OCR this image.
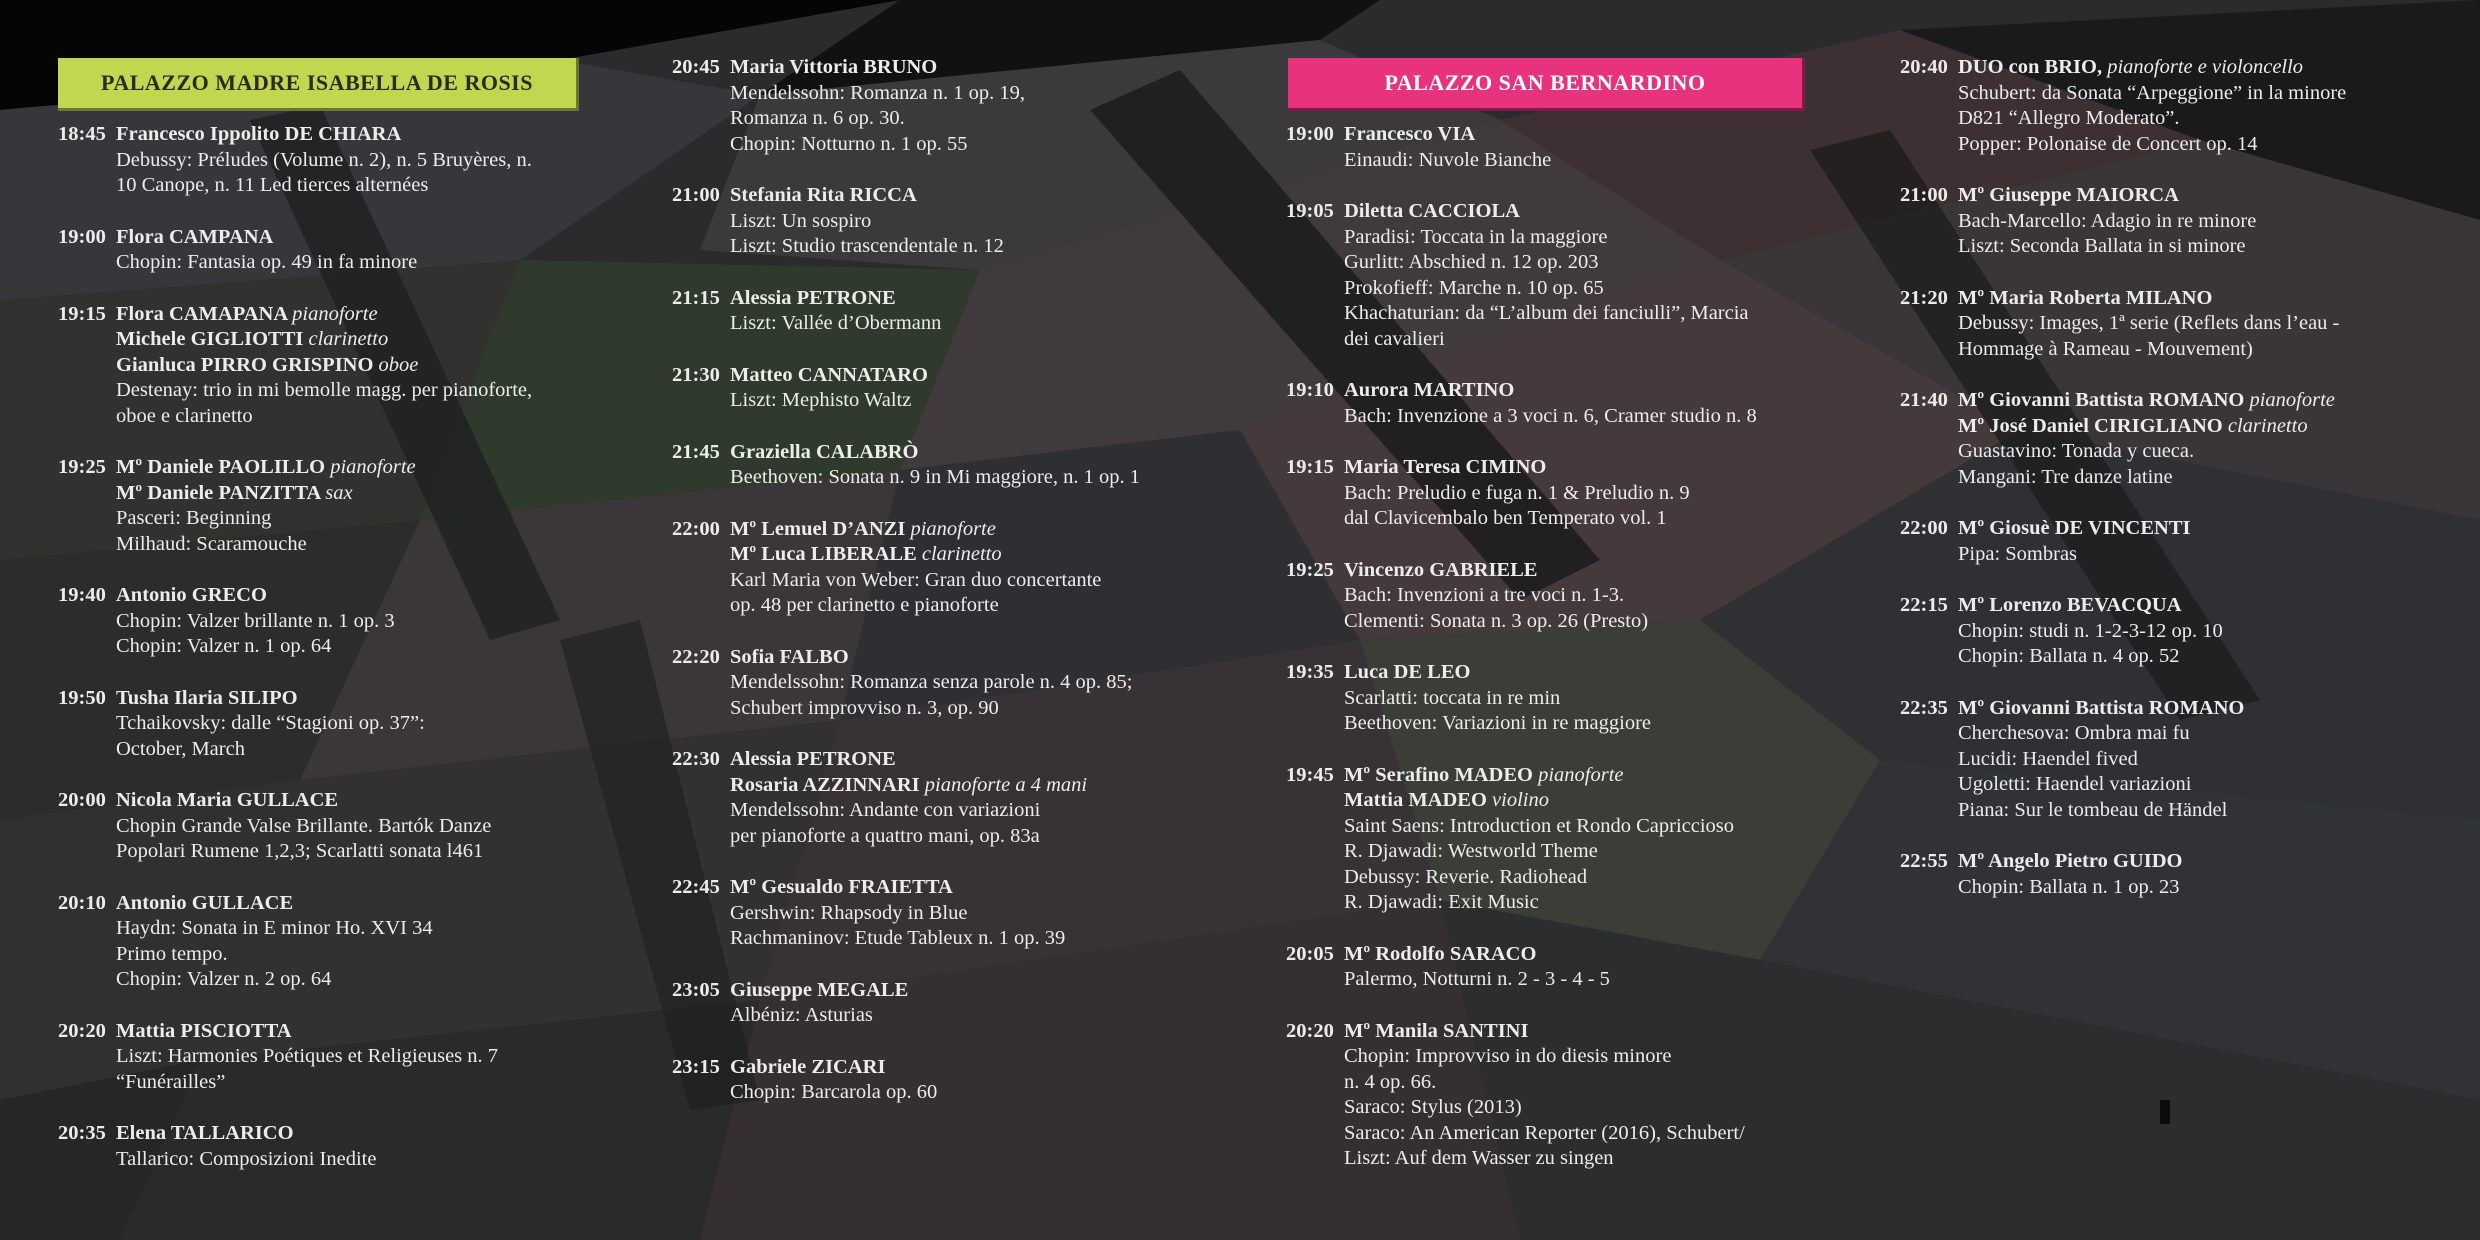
PALAZZO MADRE ISABELLA DE ROSIS
18:45 Francesco Ippolito DE CHIARA
Debussy: Préludes (Volume n. 2), n. 5 Bruyères, n.
10 Canope, n. 11 Led tierces alternées
19:00 Flora CAMPANA
Chopin: Fantasia op. 49 in fa minore
19:15 Flora CAMAPANA pianoforte
Michele GIGLIOTTI clarinetto
Gianluca PIRRO GRISPINO oboe
Destenay: trio in mi bemolle magg. per pianoforte,
oboe e clarinetto
19:25 Mº Daniele PAOLILLO pianoforte
Mº Daniele PANZITTA sax
Pasceri: Beginning
Milhaud: Scaramouche
19:40 Antonio GRECO
Chopin: Valzer brillante n. 1 op. 3
Chopin: Valzer n. 1 op. 64
19:50 Tusha Ilaria SILIPO
Tchaikovsky: dalle “Stagioni op. 37”:
October, March
20:00 Nicola Maria GULLACE
Chopin Grande Valse Brillante. Bartók Danze
Popolari Rumene 1,2,3; Scarlatti sonata l461
20:10 Antonio GULLACE
Haydn: Sonata in E minor Ho. XVI 34
Primo tempo.
Chopin: Valzer n. 2 op. 64
20:20 Mattia PISCIOTTA
Liszt: Harmonies Poétiques et Religieuses n. 7
“Funérailles”
20:35 Elena TALLARICO
Tallarico: Composizioni Inedite
20:45 Maria Vittoria BRUNO
Mendelssohn: Romanza n. 1 op. 19,
Romanza n. 6 op. 30.
Chopin: Notturno n. 1 op. 55
21:00 Stefania Rita RICCA
Liszt: Un sospiro
Liszt: Studio trascendentale n. 12
21:15 Alessia PETRONE
Liszt: Vallée d’Obermann
21:30 Matteo CANNATARO
Liszt: Mephisto Waltz
21:45 Graziella CALABRÒ
Beethoven: Sonata n. 9 in Mi maggiore, n. 1 op. 1
22:00 Mº Lemuel D’ANZI pianoforte
Mº Luca LIBERALE clarinetto
Karl Maria von Weber: Gran duo concertante
op. 48 per clarinetto e pianoforte
22:20 Sofia FALBO
Mendelssohn: Romanza senza parole n. 4 op. 85;
Schubert improvviso n. 3, op. 90
22:30 Alessia PETRONE
Rosaria AZZINNARI pianoforte a 4 mani
Mendelssohn: Andante con variazioni
per pianoforte a quattro mani, op. 83a
22:45 Mº Gesualdo FRAIETTA
Gershwin: Rhapsody in Blue
Rachmaninov: Etude Tableux n. 1 op. 39
23:05 Giuseppe MEGALE
Albéniz: Asturias
23:15 Gabriele ZICARI
Chopin: Barcarola op. 60
PALAZZO SAN BERNARDINO
19:00 Francesco VIA
Einaudi: Nuvole Bianche
19:05 Diletta CACCIOLA
Paradisi: Toccata in la maggiore
Gurlitt: Abschied n. 12 op. 203
Prokofieff: Marche n. 10 op. 65
Khachaturian: da “L’album dei fanciulli”, Marcia
dei cavalieri
19:10 Aurora MARTINO
Bach: Invenzione a 3 voci n. 6, Cramer studio n. 8
19:15 Maria Teresa CIMINO
Bach: Preludio e fuga n. 1 & Preludio n. 9
dal Clavicembalo ben Temperato vol. 1
19:25 Vincenzo GABRIELE
Bach: Invenzioni a tre voci n. 1-3.
Clementi: Sonata n. 3 op. 26 (Presto)
19:35 Luca DE LEO
Scarlatti: toccata in re min
Beethoven: Variazioni in re maggiore
19:45 Mº Serafino MADEO pianoforte
Mattia MADEO violino
Saint Saens: Introduction et Rondo Capriccioso
R. Djawadi: Westworld Theme
Debussy: Reverie. Radiohead
R. Djawadi: Exit Music
20:05 Mº Rodolfo SARACO
Palermo, Notturni n. 2 - 3 - 4 - 5
20:20 Mº Manila SANTINI
Chopin: Improvviso in do diesis minore
n. 4 op. 66.
Saraco: Stylus (2013)
Saraco: An American Reporter (2016), Schubert/
Liszt: Auf dem Wasser zu singen
20:40 DUO con BRIO, pianoforte e violoncello
Schubert: da Sonata “Arpeggione” in la minore
D821 “Allegro Moderato”.
Popper: Polonaise de Concert op. 14
21:00 Mº Giuseppe MAIORCA
Bach-Marcello: Adagio in re minore
Liszt: Seconda Ballata in si minore
21:20 Mº Maria Roberta MILANO
Debussy: Images, 1ª serie (Reflets dans l’eau -
Hommage à Rameau - Mouvement)
21:40 Mº Giovanni Battista ROMANO pianoforte
Mº José Daniel CIRIGLIANO clarinetto
Guastavino: Tonada y cueca.
Mangani: Tre danze latine
22:00 Mº Giosuè DE VINCENTI
Pipa: Sombras
22:15 Mº Lorenzo BEVACQUA
Chopin: studi n. 1-2-3-12 op. 10
Chopin: Ballata n. 4 op. 52
22:35 Mº Giovanni Battista ROMANO
Cherchesova: Ombra mai fu
Lucidi: Haendel fived
Ugoletti: Haendel variazioni
Piana: Sur le tombeau de Händel
22:55 Mº Angelo Pietro GUIDO
Chopin: Ballata n. 1 op. 23
